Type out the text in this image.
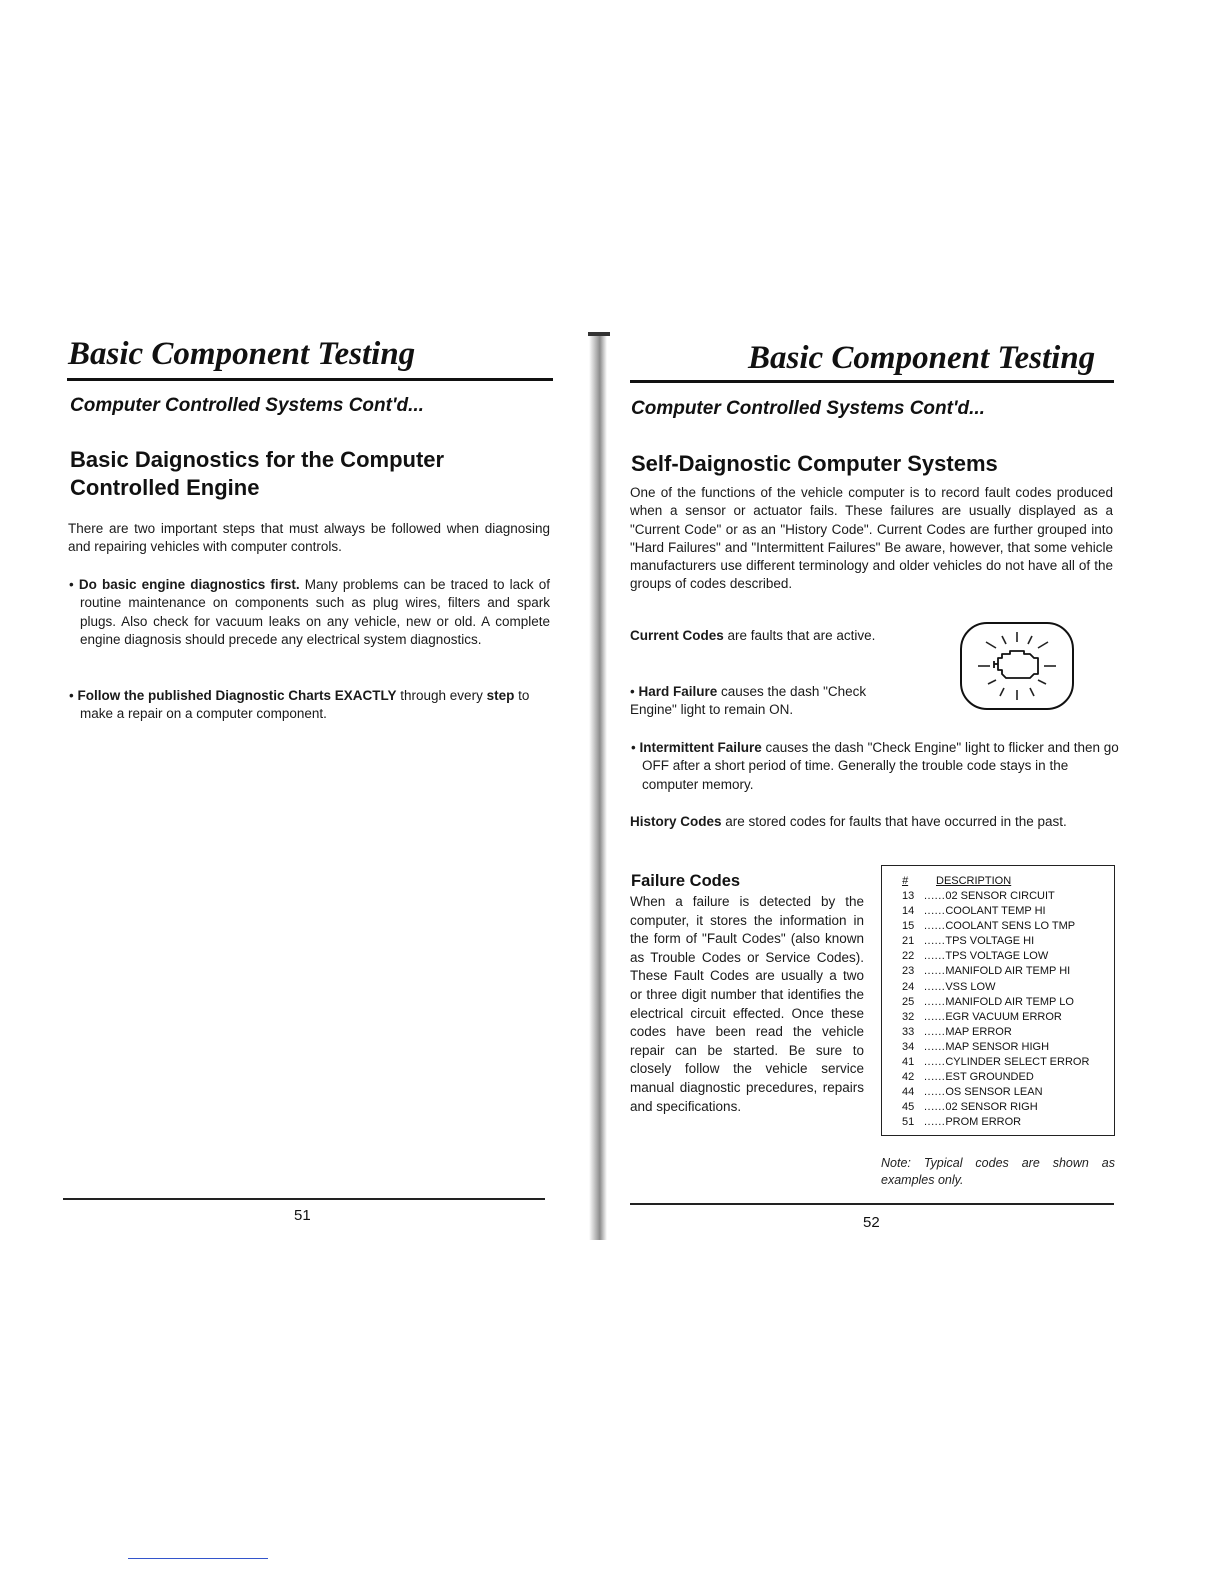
Basic Component Testing
Computer Controlled Systems Cont'd...
Basic Daignostics for the Computer
Controlled Engine
There are two important steps that must always be followed when diagnosing and repairing vehicles with computer controls.
• Do basic engine diagnostics first. Many problems can be traced to lack of routine maintenance on components such as plug wires, filters and spark plugs. Also check for vacuum leaks on any vehicle, new or old. A complete engine diagnosis should precede any electrical system diagnostics.
• Follow the published Diagnostic Charts EXACTLY through every step to make a repair on a computer component.
51
Basic Component Testing
Computer Controlled Systems Cont'd...
Self-Daignostic Computer Systems
One of the functions of the vehicle computer is to record fault codes produced when a sensor or actuator fails. These failures are usually displayed as a "Current Code" or as an "History Code". Current Codes are further grouped into "Hard Failures" and "Intermittent Failures" Be aware, however, that some vehicle manufacturers use different terminology and older vehicles do not have all of the groups of codes described.
Current Codes are faults that are active.
• Hard Failure causes the dash "Check Engine" light to remain ON.
• Intermittent Failure causes the dash "Check Engine" light to flicker and then go OFF after a short period of time. Generally the trouble code stays in the computer memory.
History Codes are stored codes for faults that have occurred in the past.
Failure Codes
When a failure is detected by the computer, it stores the information in the form of "Fault Codes" (also known as Trouble Codes or Service Codes). These Fault Codes are usually a two or three digit number that identifies the electrical circuit effected. Once these codes have been read the vehicle repair can be started. Be sure to closely follow the vehicle service manual diagnostic precedures, repairs and specifications.
#	DESCRIPTION
13 ......02 SENSOR CIRCUIT
14 ......COOLANT TEMP HI
15 ......COOLANT SENS LO TMP
21 ......TPS VOLTAGE HI
22 ......TPS VOLTAGE LOW
23 ......MANIFOLD AIR TEMP HI
24 ......VSS LOW
25 ......MANIFOLD AIR TEMP LO
32 ......EGR VACUUM ERROR
33 ......MAP ERROR
34 ......MAP SENSOR HIGH
41 ......CYLINDER SELECT ERROR
42 ......EST GROUNDED
44 ......OS SENSOR LEAN
45 ......02 SENSOR RIGH
51 ......PROM ERROR
Note: Typical codes are shown as examples only.
52
